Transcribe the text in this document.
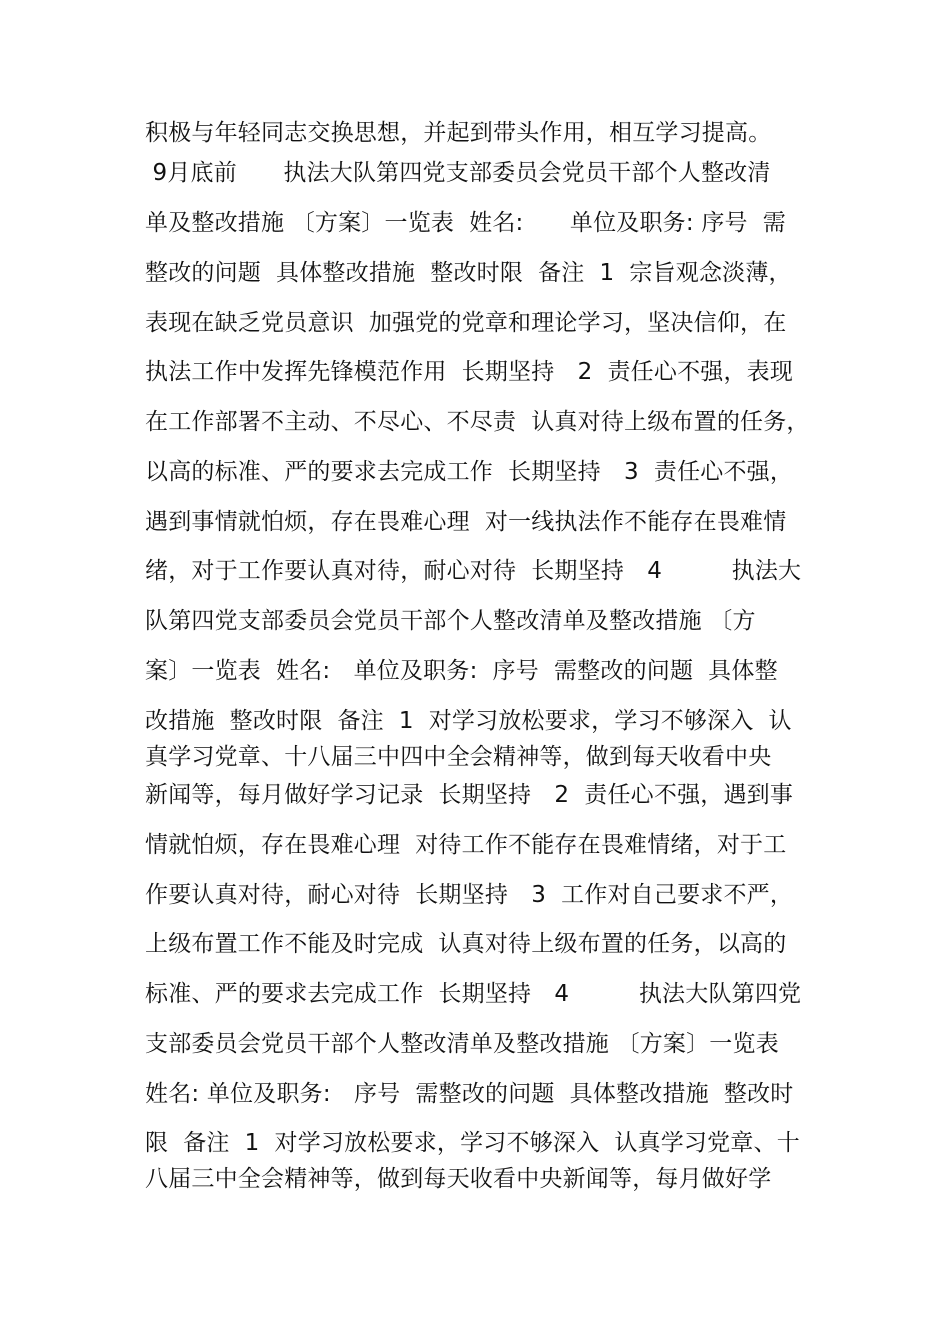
积极与年轻同志交换思想，并起到带头作用，相互学习提高。

9月底前　　执法大队第四党支部委员会党员干部个人整改清

单及整改措施 〔方案〕一览表  姓名:　　单位及职务: 序号  需

整改的问题  具体整改措施  整改时限  备注  1  宗旨观念淡薄，

表现在缺乏党员意识  加强党的党章和理论学习，坚决信仰，在

执法工作中发挥先锋模范作用  长期坚持　2  责任心不强，表现

在工作部署不主动、不尽心、不尽责  认真对待上级布置的任务，

以高的标准、严的要求去完成工作  长期坚持　3  责任心不强，

遇到事情就怕烦，存在畏难心理  对一线执法作不能存在畏难情

绪，对于工作要认真对待，耐心对待  长期坚持　4　　　执法大

队第四党支部委员会党员干部个人整改清单及整改措施 〔方

案〕一览表  姓名:　单位及职务:  序号  需整改的问题  具体整

改措施  整改时限  备注  1  对学习放松要求，学习不够深入  认

真学习党章、十八届三中四中全会精神等，做到每天收看中央

新闻等，每月做好学习记录  长期坚持　2  责任心不强，遇到事

情就怕烦，存在畏难心理  对待工作不能存在畏难情绪，对于工

作要认真对待，耐心对待  长期坚持　3  工作对自己要求不严，

上级布置工作不能及时完成  认真对待上级布置的任务，以高的

标准、严的要求去完成工作  长期坚持　4　　　执法大队第四党

支部委员会党员干部个人整改清单及整改措施 〔方案〕一览表

姓名: 单位及职务:　序号  需整改的问题  具体整改措施  整改时

限  备注  1  对学习放松要求，学习不够深入  认真学习党章、十

八届三中全会精神等，做到每天收看中央新闻等，每月做好学
